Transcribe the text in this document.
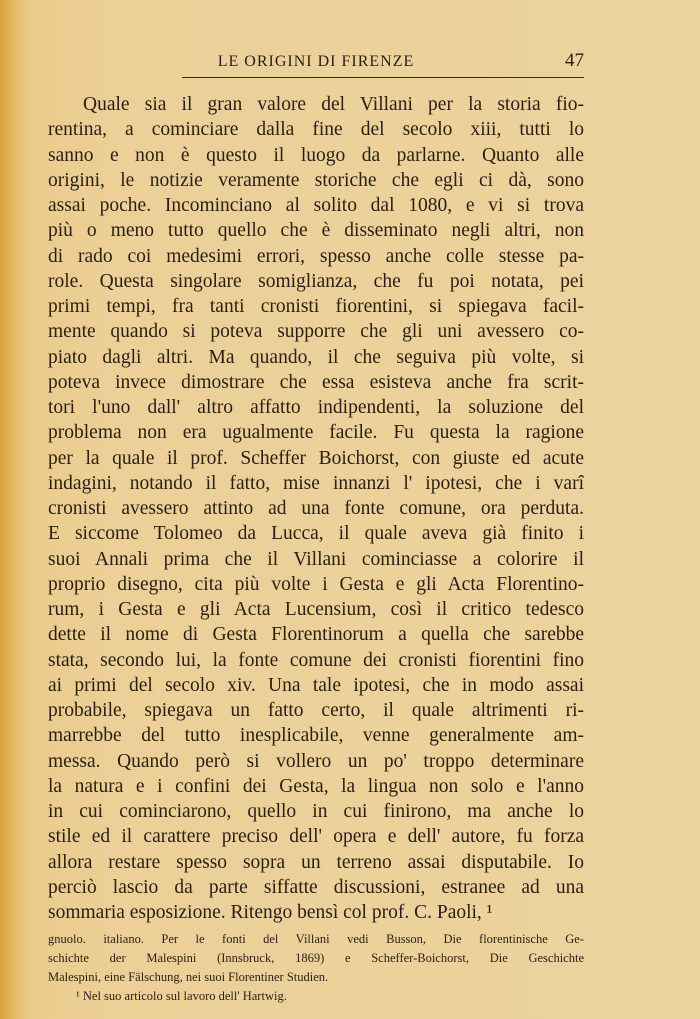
LE ORIGINI DI FIRENZE	47
Quale sia il gran valore del Villani per la storia fio-
rentina, a cominciare dalla fine del secolo xiii, tutti lo
sanno e non è questo il luogo da parlarne. Quanto alle
origini, le notizie veramente storiche che egli ci dà, sono
assai poche. Incominciano al solito dal 1080, e vi si trova
più o meno tutto quello che è disseminato negli altri, non
di rado coi medesimi errori, spesso anche colle stesse pa-
role. Questa singolare somiglianza, che fu poi notata, pei
primi tempi, fra tanti cronisti fiorentini, si spiegava facil-
mente quando si poteva supporre che gli uni avessero co-
piato dagli altri. Ma quando, il che seguiva più volte, si
poteva invece dimostrare che essa esisteva anche fra scrit-
tori l'uno dall' altro affatto indipendenti, la soluzione del
problema non era ugualmente facile. Fu questa la ragione
per la quale il prof. Scheffer Boichorst, con giuste ed acute
indagini, notando il fatto, mise innanzi l' ipotesi, che i varî
cronisti avessero attinto ad una fonte comune, ora perduta.
E siccome Tolomeo da Lucca, il quale aveva già finito i
suoi Annali prima che il Villani cominciasse a colorire il
proprio disegno, cita più volte i Gesta e gli Acta Florentino-
rum, i Gesta e gli Acta Lucensium, così il critico tedesco
dette il nome di Gesta Florentinorum a quella che sarebbe
stata, secondo lui, la fonte comune dei cronisti fiorentini fino
ai primi del secolo xiv. Una tale ipotesi, che in modo assai
probabile, spiegava un fatto certo, il quale altrimenti ri-
marrebbe del tutto inesplicabile, venne generalmente am-
messa. Quando però si vollero un po' troppo determinare
la natura e i confini dei Gesta, la lingua non solo e l'anno
in cui cominciarono, quello in cui finirono, ma anche lo
stile ed il carattere preciso dell' opera e dell' autore, fu forza
allora restare spesso sopra un terreno assai disputabile. Io
perciò lascio da parte siffatte discussioni, estranee ad una
sommaria esposizione. Ritengo bensì col prof. C. Paoli, ¹
gnuolo. italiano. Per le fonti del Villani vedi Busson, Die florentinische Ge-
schichte der Malespini (Innsbruck, 1869) e Scheffer-Boichorst, Die Geschichte
Malespini, eine Fälschung, nei suoi Florentiner Studien.
¹ Nel suo articolo sul lavoro dell' Hartwig.
